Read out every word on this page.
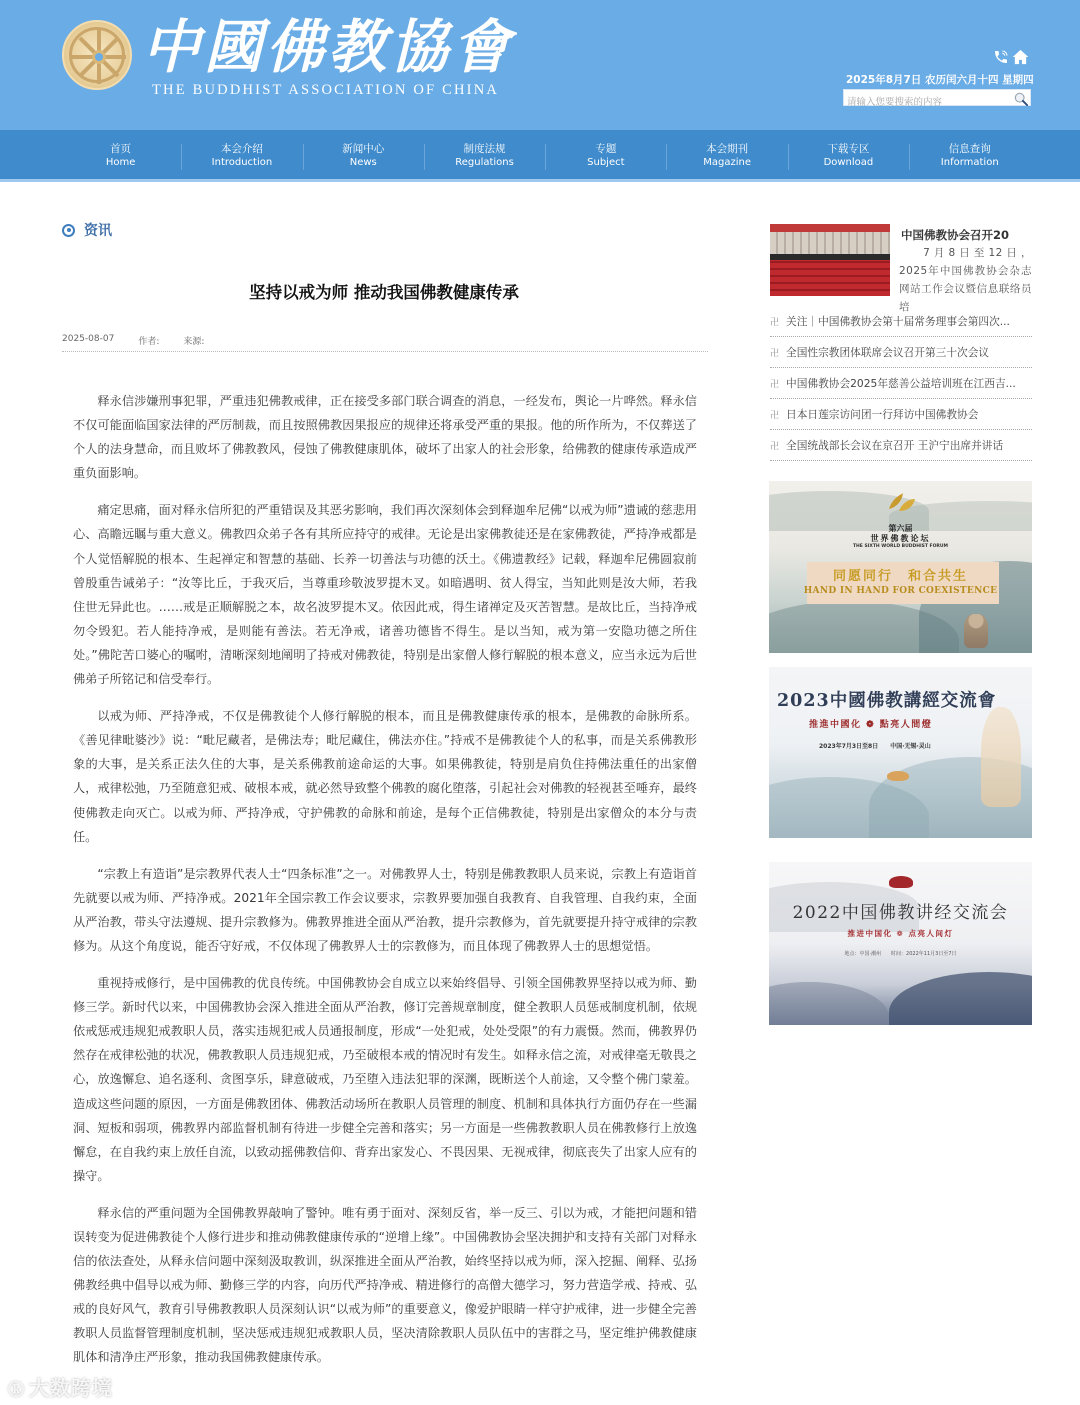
中國佛教協會
THE BUDDHIST ASSOCIATION OF CHINA
2025年8月7日 农历闰六月十四 星期四
请输入您要搜索的内容
首页
Home
本会介绍
Introduction
新闻中心
News
制度法规
Regulations
专题
Subject
本会期刊
Magazine
下载专区
Download
信息查询
Information
资讯
坚持以戒为师 推动我国佛教健康传承
2025-08-07	作者:	来源:

释永信涉嫌刑事犯罪，严重违犯佛教戒律，正在接受多部门联合调查的消息，一经发布，舆论一片哗然。释永信不仅可能面临国家法律的严厉制裁，而且按照佛教因果报应的规律还将承受严重的果报。他的所作所为，不仅葬送了个人的法身慧命，而且败坏了佛教教风，侵蚀了佛教健康肌体，破坏了出家人的社会形象，给佛教的健康传承造成严重负面影响。

痛定思痛，面对释永信所犯的严重错误及其恶劣影响，我们再次深刻体会到释迦牟尼佛“以戒为师”遗诫的慈悲用心、高瞻远瞩与重大意义。佛教四众弟子各有其所应持守的戒律。无论是出家佛教徒还是在家佛教徒，严持净戒都是个人觉悟解脱的根本、生起禅定和智慧的基础、长养一切善法与功德的沃土。《佛遗教经》记载，释迦牟尼佛圆寂前曾殷重告诫弟子：“汝等比丘，于我灭后，当尊重珍敬波罗提木叉。如暗遇明、贫人得宝，当知此则是汝大师，若我住世无异此也。……戒是正顺解脱之本，故名波罗提木叉。依因此戒，得生诸禅定及灭苦智慧。是故比丘，当持净戒勿令毁犯。若人能持净戒，是则能有善法。若无净戒，诸善功德皆不得生。是以当知，戒为第一安隐功德之所住处。”佛陀苦口婆心的嘱咐，清晰深刻地阐明了持戒对佛教徒，特别是出家僧人修行解脱的根本意义，应当永远为后世佛弟子所铭记和信受奉行。

以戒为师、严持净戒，不仅是佛教徒个人修行解脱的根本，而且是佛教健康传承的根本，是佛教的命脉所系。《善见律毗婆沙》说：“毗尼藏者，是佛法寿；毗尼藏住，佛法亦住。”持戒不是佛教徒个人的私事，而是关系佛教形象的大事，是关系正法久住的大事，是关系佛教前途命运的大事。如果佛教徒，特别是肩负住持佛法重任的出家僧人，戒律松弛，乃至随意犯戒、破根本戒，就必然导致整个佛教的腐化堕落，引起社会对佛教的轻视甚至唾弃，最终使佛教走向灭亡。以戒为师、严持净戒，守护佛教的命脉和前途，是每个正信佛教徒，特别是出家僧众的本分与责任。

“宗教上有造诣”是宗教界代表人士“四条标准”之一。对佛教界人士，特别是佛教教职人员来说，宗教上有造诣首先就要以戒为师、严持净戒。2021年全国宗教工作会议要求，宗教界要加强自我教育、自我管理、自我约束，全面从严治教，带头守法遵规、提升宗教修为。佛教界推进全面从严治教，提升宗教修为，首先就要提升持守戒律的宗教修为。从这个角度说，能否守好戒，不仅体现了佛教界人士的宗教修为，而且体现了佛教界人士的思想觉悟。

重视持戒修行，是中国佛教的优良传统。中国佛教协会自成立以来始终倡导、引领全国佛教界坚持以戒为师、勤修三学。新时代以来，中国佛教协会深入推进全面从严治教，修订完善规章制度，健全教职人员惩戒制度机制，依规依戒惩戒违规犯戒教职人员，落实违规犯戒人员通报制度，形成“一处犯戒，处处受限”的有力震慑。然而，佛教界仍然存在戒律松弛的状况，佛教教职人员违规犯戒，乃至破根本戒的情况时有发生。如释永信之流，对戒律毫无敬畏之心，放逸懈怠、追名逐利、贪图享乐，肆意破戒，乃至堕入违法犯罪的深渊，既断送个人前途，又令整个佛门蒙羞。造成这些问题的原因，一方面是佛教团体、佛教活动场所在教职人员管理的制度、机制和具体执行方面仍存在一些漏洞、短板和弱项，佛教界内部监督机制有待进一步健全完善和落实；另一方面是一些佛教教职人员在佛教修行上放逸懈怠，在自我约束上放任自流，以致动摇佛教信仰、背弃出家发心、不畏因果、无视戒律，彻底丧失了出家人应有的操守。

释永信的严重问题为全国佛教界敲响了警钟。唯有勇于面对、深刻反省，举一反三、引以为戒，才能把问题和错误转变为促进佛教徒个人修行进步和推动佛教健康传承的“逆增上缘”。中国佛教协会坚决拥护和支持有关部门对释永信的依法查处，从释永信问题中深刻汲取教训，纵深推进全面从严治教，始终坚持以戒为师，深入挖掘、阐释、弘扬佛教经典中倡导以戒为师、勤修三学的内容，向历代严持净戒、精进修行的高僧大德学习，努力营造学戒、持戒、弘戒的良好风气，教育引导佛教教职人员深刻认识“以戒为师”的重要意义，像爱护眼睛一样守护戒律，进一步健全完善教职人员监督管理制度机制，坚决惩戒违规犯戒教职人员，坚决清除教职人员队伍中的害群之马，坚定维护佛教健康肌体和清净庄严形象，推动我国佛教健康传承。

中国佛教协会召开20
7月8日至12日，2025年中国佛教协会杂志网站工作会议暨信息联络员培
卍 关注｜中国佛教协会第十届常务理事会第四次...
卍 全国性宗教团体联席会议召开第三十次会议
卍 中国佛教协会2025年慈善公益培训班在江西吉...
卍 日本日莲宗访问团一行拜访中国佛教协会
卍 全国统战部长会议在京召开 王沪宁出席并讲话
第六届
世界佛教论坛
THE SIXTH WORLD BUDDHIST FORUM
同愿同行　和合共生
HAND IN HAND FOR COEXISTENCE
2023中國佛教講經交流會
推進中國化 ❁ 點亮人間燈
2023年7月3日至8日　　中国·无锡·灵山
2022中国佛教讲经交流会
推进中国化 ❁ 点亮人间灯
地点：中国·潮州　　时间：2022年11月3日至7日
ⓚ 大数跨境
